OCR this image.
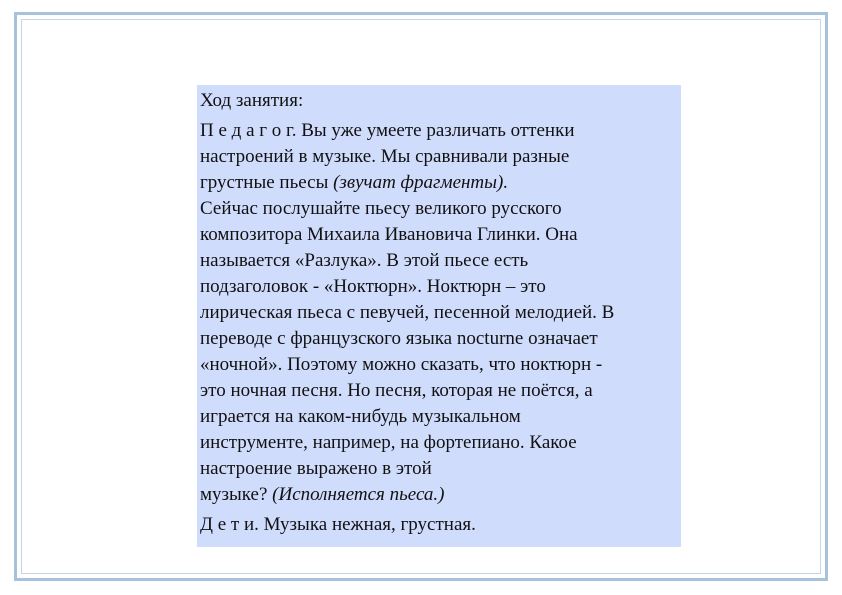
Ход занятия:

П е д а г о г. Вы уже умеете различать оттенки

настроений в музыке. Мы сравнивали разные

грустные пьесы (звучат фрагменты).

Сейчас послушайте пьесу великого русского

композитора Михаила Ивановича Глинки. Она

называется «Разлука». В этой пьесе есть

подзаголовок - «Ноктюрн». Ноктюрн – это

лирическая пьеса с певучей, песенной мелодией. В

переводе с французского языка nocturne означает

«ночной». Поэтому можно сказать, что ноктюрн -

это ночная песня. Но песня, которая не поётся, а

играется на каком-нибудь музыкальном

инструменте, например, на фортепиано. Какое

настроение выражено в этой

музыке? (Исполняется пьеса.)

Д е т и. Музыка нежная, грустная.
